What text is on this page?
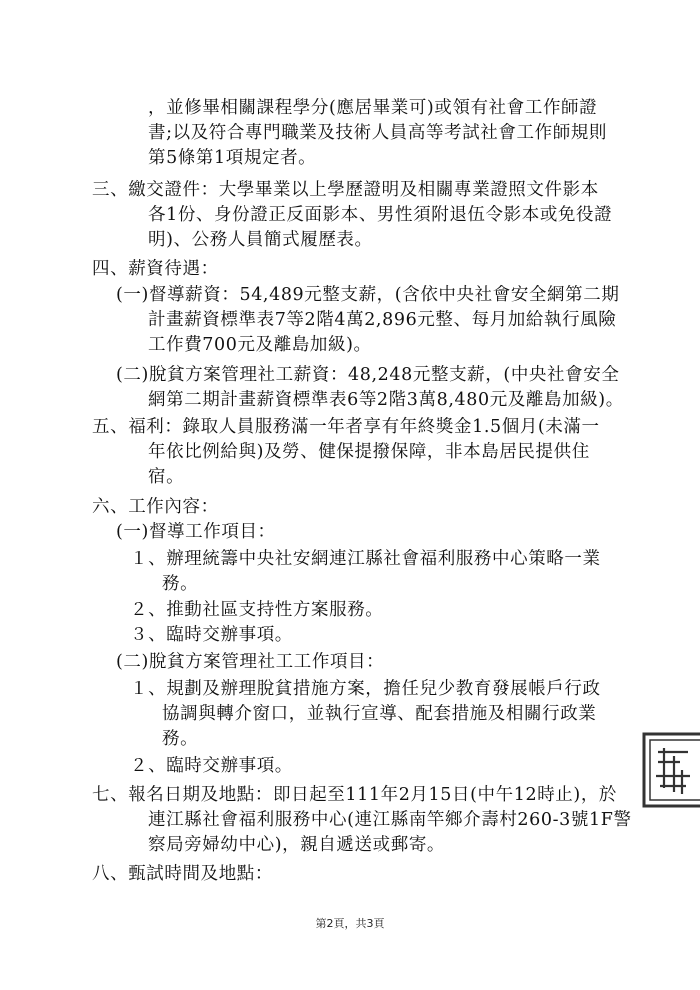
，並修畢相關課程學分(應居畢業可)或領有社會工作師證
書;以及符合專門職業及技術人員高等考試社會工作師規則
第5條第1項規定者。
三、繳交證件：大學畢業以上學歷證明及相關專業證照文件影本
各1份、身份證正反面影本、男性須附退伍令影本或免役證
明)、公務人員簡式履歷表。
四、薪資待遇：
(一)督導薪資：54,489元整支薪，(含依中央社會安全網第二期
計畫薪資標準表7等2階4萬2,896元整、每月加給執行風險
工作費700元及離島加級)。
(二)脫貧方案管理社工薪資：48,248元整支薪，(中央社會安全
網第二期計畫薪資標準表6等2階3萬8,480元及離島加級)。
五、福利：錄取人員服務滿一年者享有年終獎金1.5個月(未滿一
年依比例給與)及勞、健保提撥保障，非本島居民提供住
宿。
六、工作內容：
(一)督導工作項目：
１、辦理統籌中央社安網連江縣社會福利服務中心策略一業
務。
２、推動社區支持性方案服務。
３、臨時交辦事項。
(二)脫貧方案管理社工工作項目：
１、規劃及辦理脫貧措施方案，擔任兒少教育發展帳戶行政
協調與轉介窗口，並執行宣導、配套措施及相關行政業
務。
２、臨時交辦事項。
七、報名日期及地點：即日起至111年2月15日(中午12時止)，於
連江縣社會福利服務中心(連江縣南竿鄉介壽村260-3號1F警
察局旁婦幼中心)，親自遞送或郵寄。
八、甄試時間及地點：
第2頁，共3頁
